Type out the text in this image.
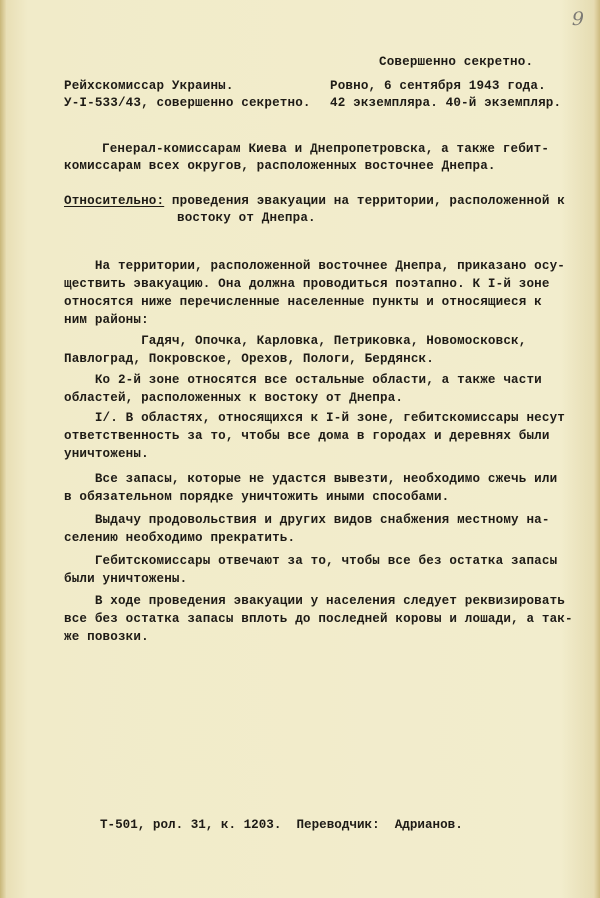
9
Совершенно секретно.
Рейхскомиссар Украины.	Ровно, 6 сентября 1943 года.
У-I-533/43, совершенно секретно. 42 экземпляра. 40-й экземпляр.
Генерал-комиссарам Киева и Днепропетровска, а также гебит-
комиссарам всех округов, расположенных восточнее Днепра.
Относительно: проведения эвакуации на территории, расположенной к
востоку от Днепра.
На территории, расположенной восточнее Днепра, приказано осу-
ществить эвакуацию. Она должна проводиться поэтапно. К I-й зоне
относятся ниже перечисленные населенные пункты и относящиеся к
ним районы:
Гадяч, Опочка, Карловка, Петриковка, Новомосковск,
Павлоград, Покровское, Орехов, Пологи, Бердянск.
Ко 2-й зоне относятся все остальные области, а также части
областей, расположенных к востоку от Днепра.
I/. В областях, относящихся к I-й зоне, гебитскомиссары несут
ответственность за то, чтобы все дома в городах и деревнях были
уничтожены.
Все запасы, которые не удастся вывезти, необходимо сжечь или
в обязательном порядке уничтожить иными способами.
Выдачу продовольствия и других видов снабжения местному на-
селению необходимо прекратить.
Гебитскомиссары отвечают за то, чтобы все без остатка запасы
были уничтожены.
В ходе проведения эвакуации у населения следует реквизировать
все без остатка запасы вплоть до последней коровы и лошади, а так-
же повозки.
Т-501, рол. 31, к. 1203.  Переводчик:  Адрианов.
